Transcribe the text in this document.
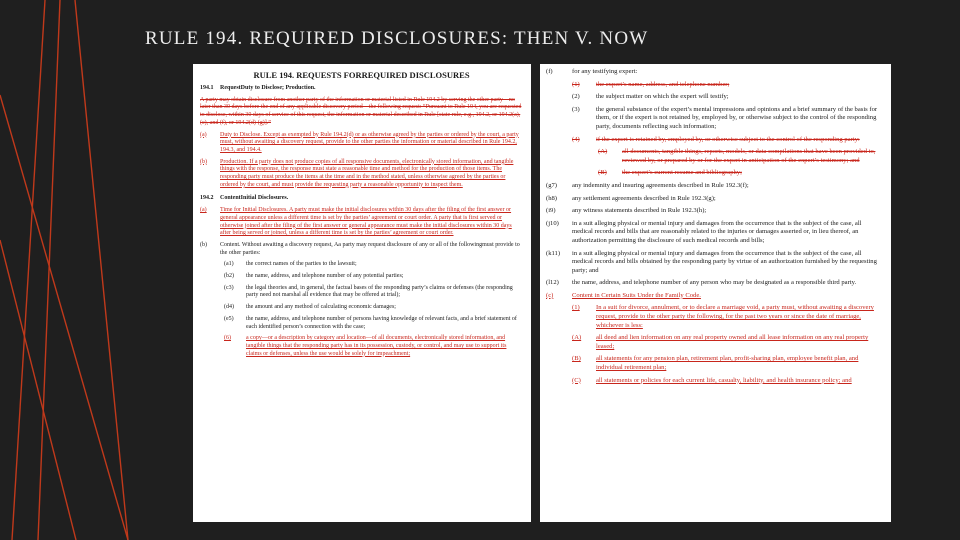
RULE 194. REQUIRED DISCLOSURES: THEN V. NOW
RULE 194. REQUESTS FORREQUIRED DISCLOSURES
194.1	RequestDuty to Disclose; Production.
A party may obtain disclosure from another party of the information or material listed in Rule 194.2 by serving the other party—no later than 30 days before the end of any applicable discovery period—the following request: “Pursuant to Rule 194, you are requested to disclose, within 30 days of service of this request, the information or material described in Rule [state rule, e.g., 194.2, or 194.2(a), (c), and (f), or 194.2(d)-(g)].”
(a)	Duty to Disclose. Except as exempted by Rule 194.2(d) or as otherwise agreed by the parties or ordered by the court, a party must, without awaiting a discovery request, provide to the other parties the information or material described in Rule 194.2, 194.3, and 194.4.
(b)	Production. If a party does not produce copies of all responsive documents, electronically stored information, and tangible things with the response, the response must state a reasonable time and method for the production of those items. The responding party must produce the items at the time and in the method stated, unless otherwise agreed by the parties or ordered by the court, and must provide the requesting party a reasonable opportunity to inspect them.
194.2	ContentInitial Disclosures.
(a)	Time for Initial Disclosures. A party must make the initial disclosures within 30 days after the filing of the first answer or general appearance unless a different time is set by the parties’ agreement or court order. A party that is first served or otherwise joined after the filing of the first answer or general appearance must make the initial disclosures within 30 days after being served or joined, unless a different time is set by the parties’ agreement or court order.
(b)	Content. Without awaiting a discovery request, Aa party may request disclosure of any or all of the followingmust provide to the other parties:
(a1)	the correct names of the parties to the lawsuit;
(b2)	the name, address, and telephone number of any potential parties;
(c3)	the legal theories and, in general, the factual bases of the responding party’s claims or defenses (the responding party need not marshal all evidence that may be offered at trial);
(d4)	the amount and any method of calculating economic damages;
(e5)	the name, address, and telephone number of persons having knowledge of relevant facts, and a brief statement of each identified person’s connection with the case;
(6)	a copy—or a description by category and location—of all documents, electronically stored information, and tangible things that the responding party has in its possession, custody, or control, and may use to support its claims or defenses, unless the use would be solely for impeachment;
(f)	for any testifying expert:
(1)	the expert’s name, address, and telephone number;
(2)	the subject matter on which the expert will testify;
(3)	the general substance of the expert’s mental impressions and opinions and a brief summary of the basis for them, or if the expert is not retained by, employed by, or otherwise subject to the control of the responding party, documents reflecting such information;
(4)	if the expert is retained by, employed by, or otherwise subject to the control of the responding party:
(A)	all documents, tangible things, reports, models, or data compilations that have been provided to, reviewed by, or prepared by or for the expert in anticipation of the expert’s testimony; and
(B)	the expert’s current resume and bibliography;
(g7)	any indemnity and insuring agreements described in Rule 192.3(f);
(h8)	any settlement agreements described in Rule 192.3(g);
(i9)	any witness statements described in Rule 192.3(h);
(j10)	in a suit alleging physical or mental injury and damages from the occurrence that is the subject of the case, all medical records and bills that are reasonably related to the injuries or damages asserted or, in lieu thereof, an authorization permitting the disclosure of such medical records and bills;
(k11)	in a suit alleging physical or mental injury and damages from the occurrence that is the subject of the case, all medical records and bills obtained by the responding party by virtue of an authorization furnished by the requesting party; and
(l12)	the name, address, and telephone number of any person who may be designated as a responsible third party.
(c)	Content in Certain Suits Under the Family Code.
(1)	In a suit for divorce, annulment, or to declare a marriage void, a party must, without awaiting a discovery request, provide to the other party the following, for the past two years or since the date of marriage, whichever is less:
(A)	all deed and lien information on any real property owned and all lease information on any real property leased;
(B)	all statements for any pension plan, retirement plan, profit-sharing plan, employee benefit plan, and individual retirement plan;
(C)	all statements or policies for each current life, casualty, liability, and health insurance policy; and
